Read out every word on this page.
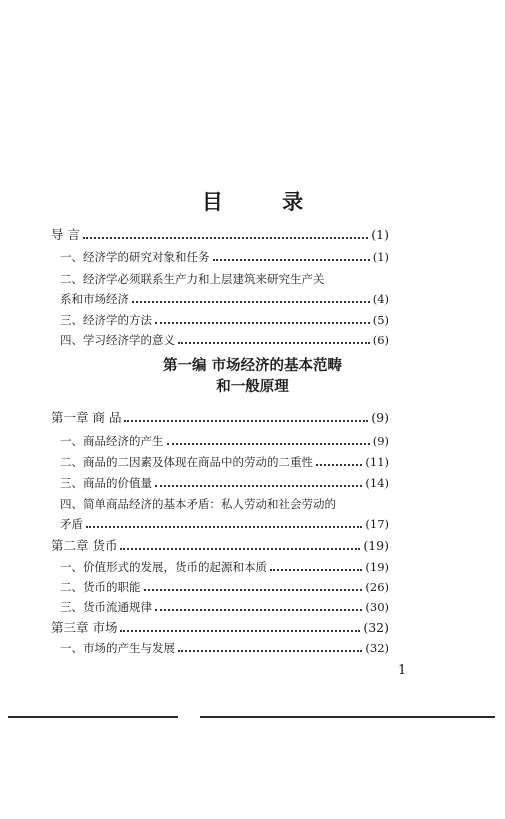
目 录
导 言	(1)
一、经济学的研究对象和任务	(1)
二、经济学必须联系生产力和上层建筑来研究生产关
系和市场经济	(4)
三、经济学的方法	(5)
四、学习经济学的意义	(6)
第一章 商 品	(9)
一、商品经济的产生	(9)
二、商品的二因素及体现在商品中的劳动的二重性	(11)
三、商品的价值量	(14)
四、简单商品经济的基本矛盾：私人劳动和社会劳动的
矛盾	(17)
第二章 货币	(19)
一、价值形式的发展，货币的起源和本质	(19)
二、货币的职能	(26)
三、货币流通规律	(30)
第三章 市场	(32)
一、市场的产生与发展	(32)
第一编 市场经济的基本范畴
和一般原理
1
